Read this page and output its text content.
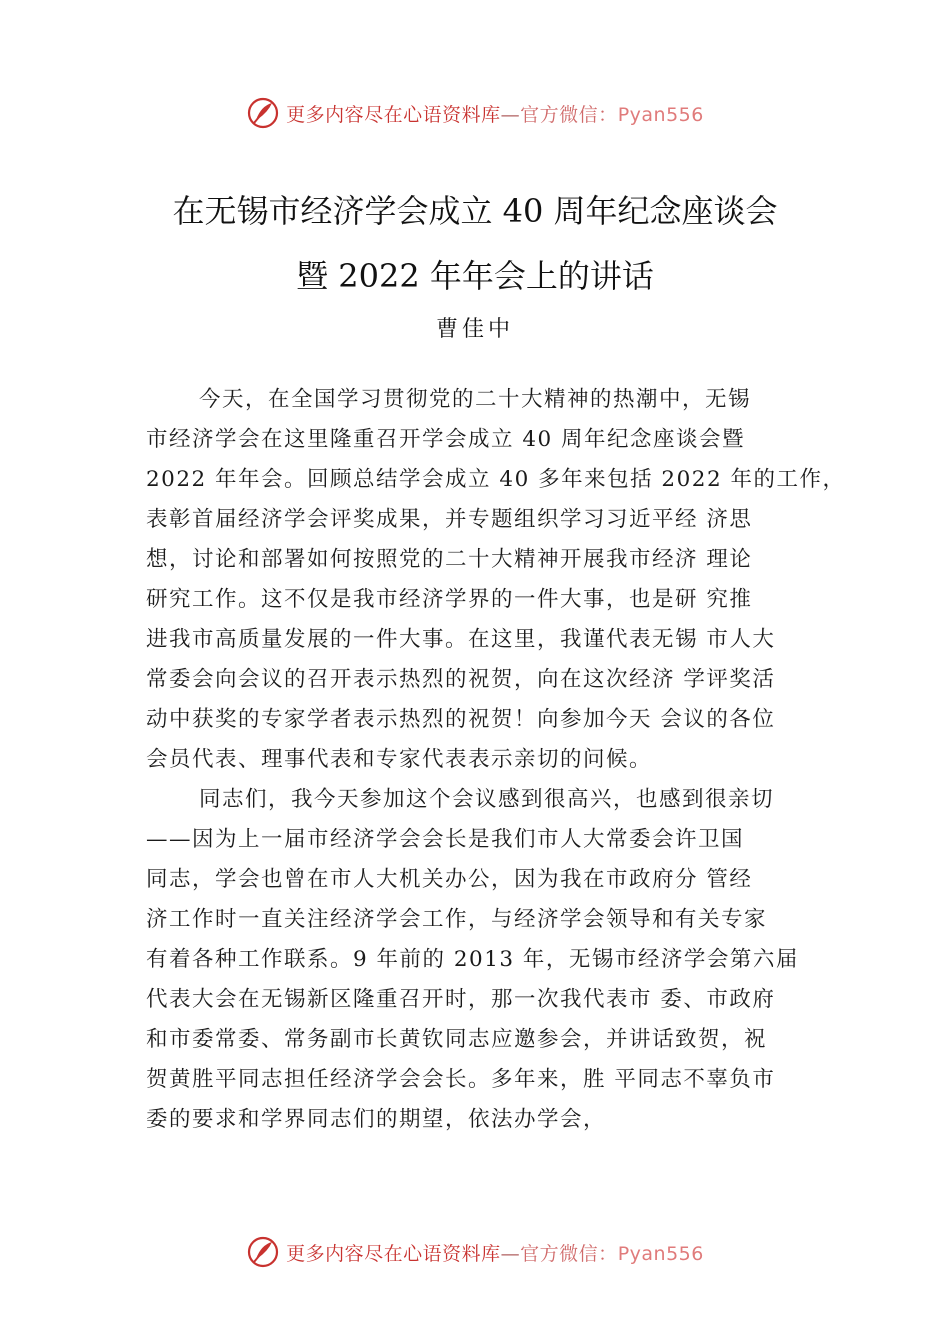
更多内容尽在心语资料库—官方微信：Pyan556
在无锡市经济学会成立 40 周年纪念座谈会
暨 2022 年年会上的讲话
曹佳中
今天，在全国学习贯彻党的二十大精神的热潮中，无锡
市经济学会在这里隆重召开学会成立 40 周年纪念座谈会暨
2022 年年会。回顾总结学会成立 40 多年来包括 2022 年的工作，
表彰首届经济学会评奖成果，并专题组织学习习近平经 济思
想，讨论和部署如何按照党的二十大精神开展我市经济 理论
研究工作。这不仅是我市经济学界的一件大事，也是研 究推
进我市高质量发展的一件大事。在这里，我谨代表无锡 市人大
常委会向会议的召开表示热烈的祝贺，向在这次经济 学评奖活
动中获奖的专家学者表示热烈的祝贺！向参加今天 会议的各位
会员代表、理事代表和专家代表表示亲切的问候。
同志们，我今天参加这个会议感到很高兴，也感到很亲切
——因为上一届市经济学会会长是我们市人大常委会许卫国
同志，学会也曾在市人大机关办公，因为我在市政府分 管经
济工作时一直关注经济学会工作，与经济学会领导和有关专家
有着各种工作联系。9 年前的 2013 年，无锡市经济学会第六届
代表大会在无锡新区隆重召开时，那一次我代表市 委、市政府
和市委常委、常务副市长黄钦同志应邀参会，并讲话致贺，祝
贺黄胜平同志担任经济学会会长。多年来，胜 平同志不辜负市
委的要求和学界同志们的期望，依法办学会，
更多内容尽在心语资料库—官方微信：Pyan556
